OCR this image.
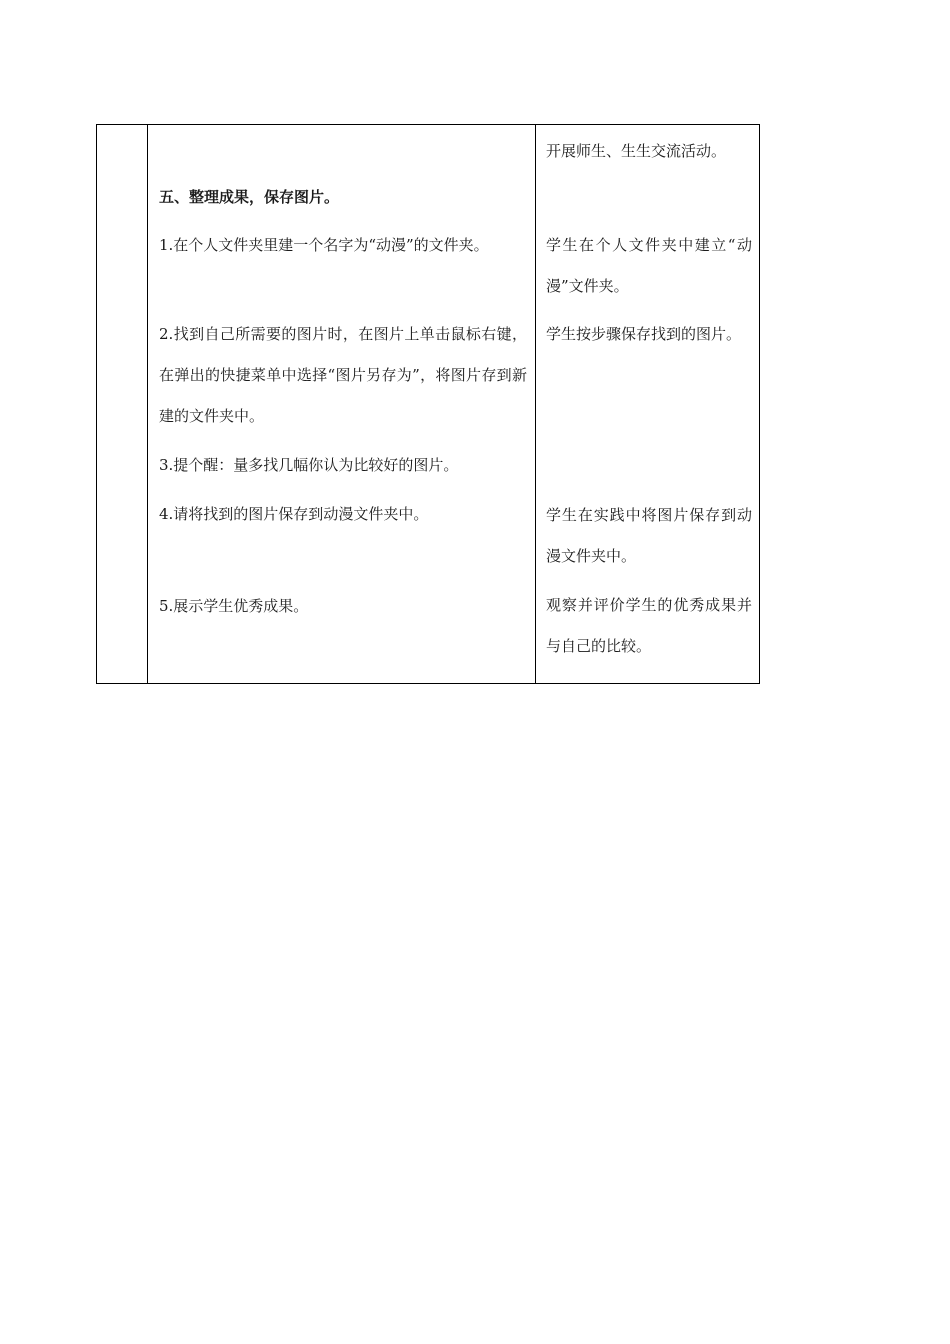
五、整理成果，保存图片。
1.在个人文件夹里建一个名字为“动漫”的文件夹。
2.找到自己所需要的图片时，在图片上单击鼠标右键，在弹出的快捷菜单中选择“图片另存为”，将图片存到新建的文件夹中。
3.提个醒：量多找几幅你认为比较好的图片。
4.请将找到的图片保存到动漫文件夹中。
5.展示学生优秀成果。
开展师生、生生交流活动。
学生在个人文件夹中建立“动漫”文件夹。
学生按步骤保存找到的图片。
学生在实践中将图片保存到动漫文件夹中。
观察并评价学生的优秀成果并与自己的比较。
